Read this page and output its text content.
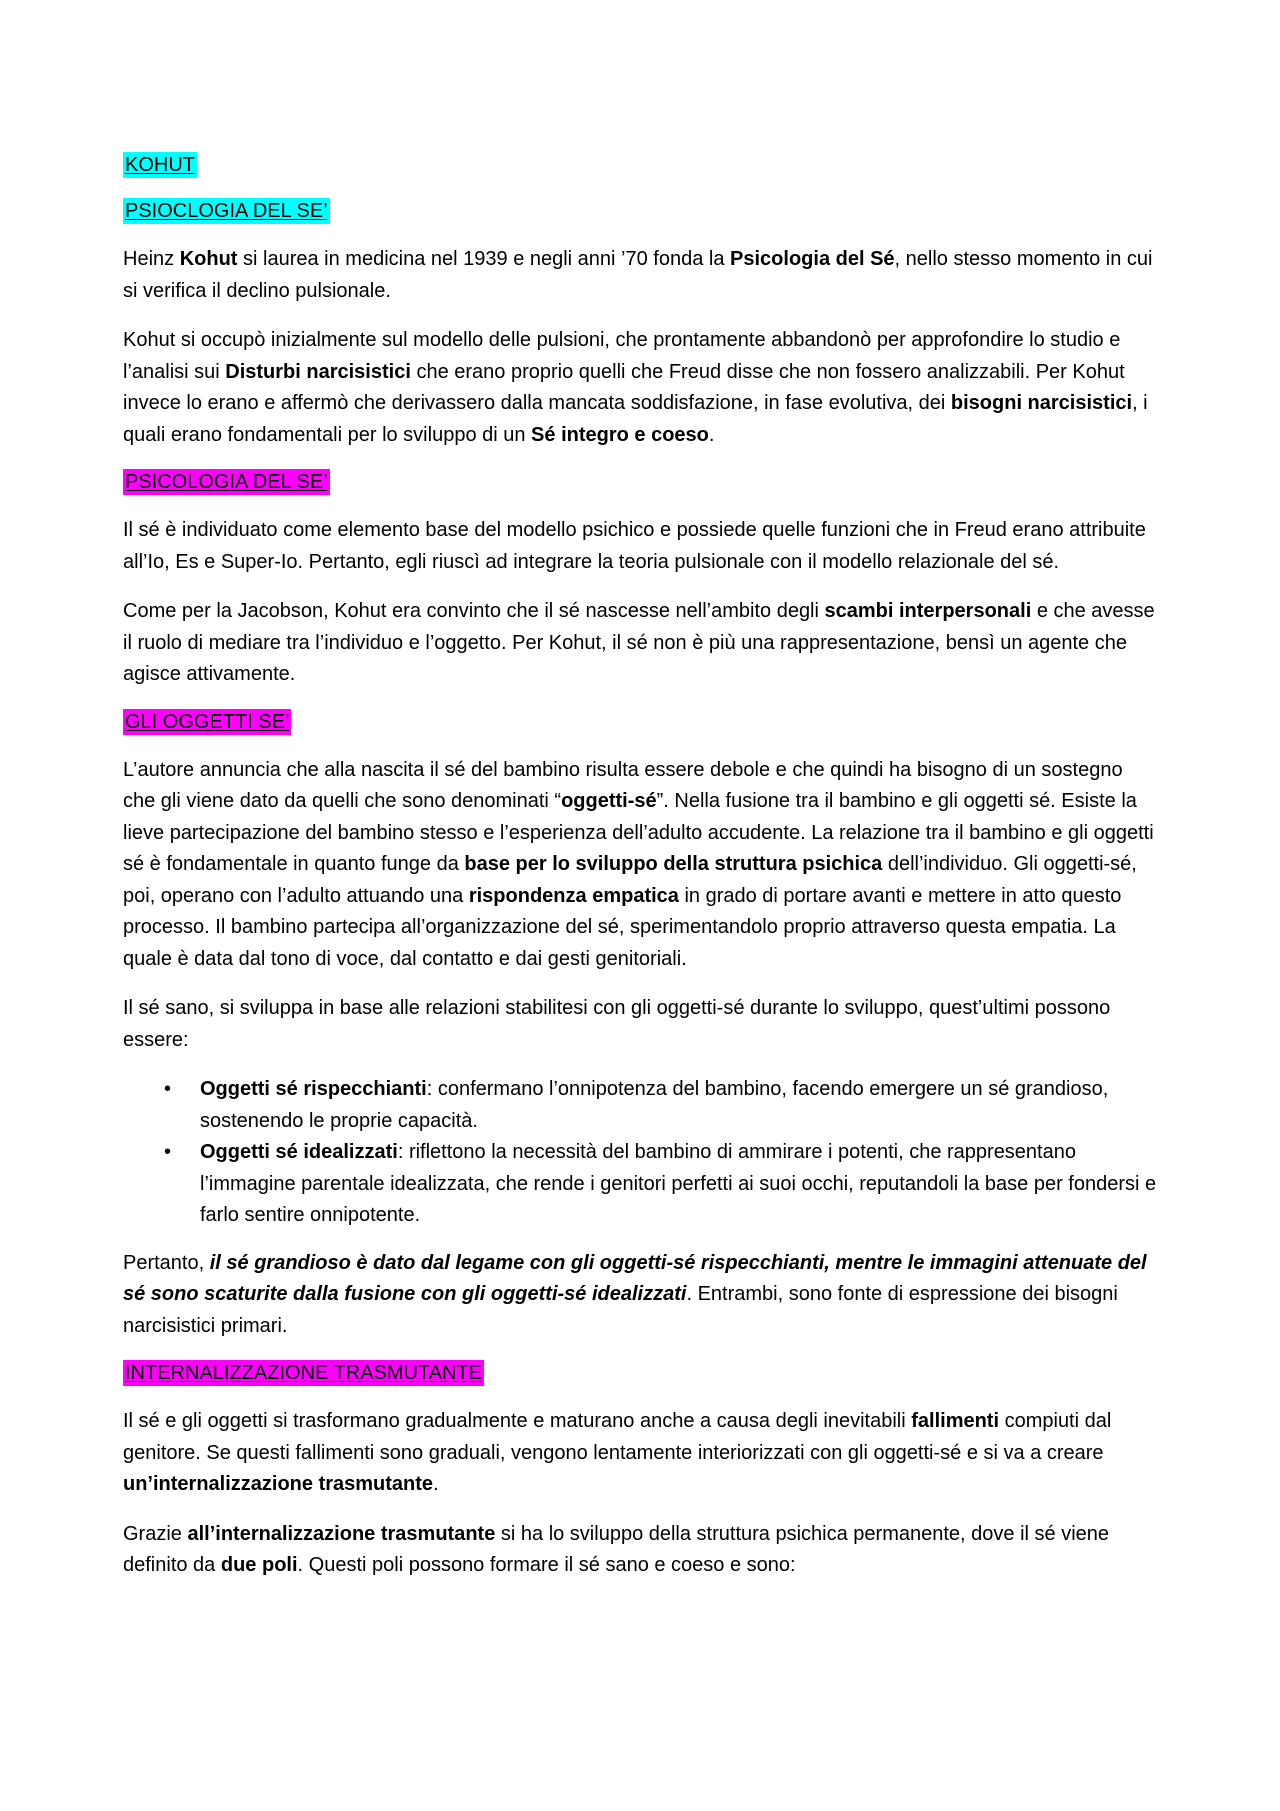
KOHUT
PSIOCLOGIA DEL SE’

Heinz Kohut si laurea in medicina nel 1939 e negli anni ’70 fonda la Psicologia del Sé, nello stesso momento in cui si verifica il declino pulsionale.

Kohut si occupò inizialmente sul modello delle pulsioni, che prontamente abbandonò per approfondire lo studio e l’analisi sui Disturbi narcisistici che erano proprio quelli che Freud disse che non fossero analizzabili. Per Kohut invece lo erano e affermò che derivassero dalla mancata soddisfazione, in fase evolutiva, dei bisogni narcisistici, i quali erano fondamentali per lo sviluppo di un Sé integro e coeso.

PSICOLOGIA DEL SE’

Il sé è individuato come elemento base del modello psichico e possiede quelle funzioni che in Freud erano attribuite all’Io, Es e Super-Io. Pertanto, egli riuscì ad integrare la teoria pulsionale con il modello relazionale del sé.

Come per la Jacobson, Kohut era convinto che il sé nascesse nell’ambito degli scambi interpersonali e che avesse il ruolo di mediare tra l’individuo e l’oggetto. Per Kohut, il sé non è più una rappresentazione, bensì un agente che agisce attivamente.

GLI OGGETTI SE’

L’autore annuncia che alla nascita il sé del bambino risulta essere debole e che quindi ha bisogno di un sostegno che gli viene dato da quelli che sono denominati “oggetti-sé”. Nella fusione tra il bambino e gli oggetti sé. Esiste la lieve partecipazione del bambino stesso e l’esperienza dell’adulto accudente. La relazione tra il bambino e gli oggetti sé è fondamentale in quanto funge da base per lo sviluppo della struttura psichica dell’individuo. Gli oggetti-sé, poi, operano con l’adulto attuando una rispondenza empatica in grado di portare avanti e mettere in atto questo processo. Il bambino partecipa all’organizzazione del sé, sperimentandolo proprio attraverso questa empatia. La quale è data dal tono di voce, dal contatto e dai gesti genitoriali.

Il sé sano, si sviluppa in base alle relazioni stabilitesi con gli oggetti-sé durante lo sviluppo, quest’ultimi possono essere:

• Oggetti sé rispecchianti: confermano l’onnipotenza del bambino, facendo emergere un sé grandioso, sostenendo le proprie capacità.
• Oggetti sé idealizzati: riflettono la necessità del bambino di ammirare i potenti, che rappresentano l’immagine parentale idealizzata, che rende i genitori perfetti ai suoi occhi, reputandoli la base per fondersi e farlo sentire onnipotente.

Pertanto, il sé grandioso è dato dal legame con gli oggetti-sé rispecchianti, mentre le immagini attenuate del sé sono scaturite dalla fusione con gli oggetti-sé idealizzati. Entrambi, sono fonte di espressione dei bisogni narcisistici primari.

INTERNALIZZAZIONE TRASMUTANTE

Il sé e gli oggetti si trasformano gradualmente e maturano anche a causa degli inevitabili fallimenti compiuti dal genitore. Se questi fallimenti sono graduali, vengono lentamente interiorizzati con gli oggetti-sé e si va a creare un’internalizzazione trasmutante.

Grazie all’internalizzazione trasmutante si ha lo sviluppo della struttura psichica permanente, dove il sé viene definito da due poli. Questi poli possono formare il sé sano e coeso e sono:
